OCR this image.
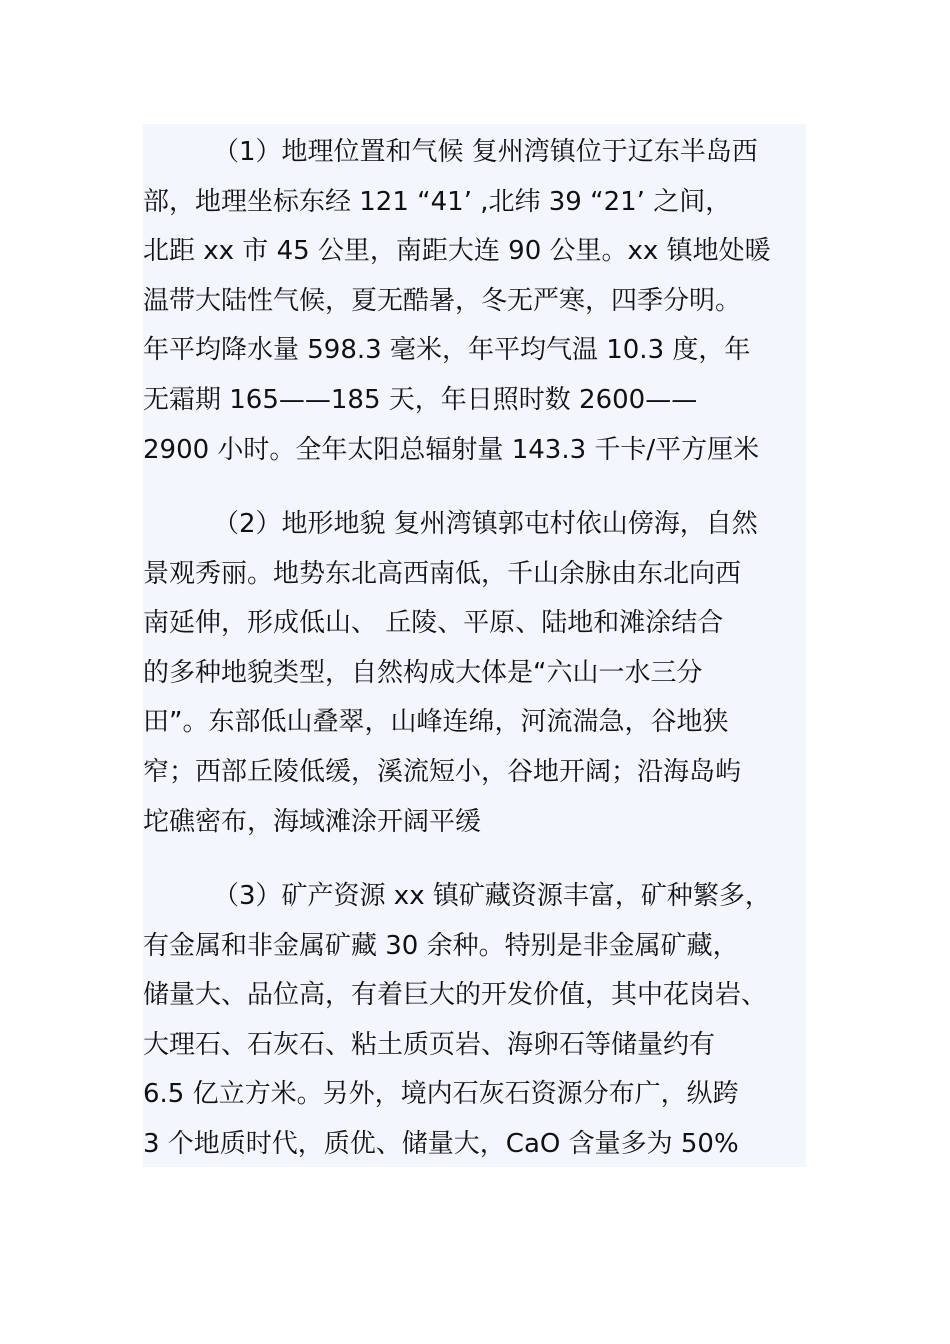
（1）地理位置和气候 复州湾镇位于辽东半岛西
部，地理坐标东经 121 “41’ ,北纬 39 “21’ 之间，
北距 xx 市 45 公里，南距大连 90 公里。xx 镇地处暖
温带大陆性气候，夏无酷暑，冬无严寒，四季分明。
年平均降水量 598.3 毫米，年平均气温 10.3 度，年
无霜期 165——185 天，年日照时数 2600——
2900 小时。全年太阳总辐射量 143.3 千卡/平方厘米
（2）地形地貌 复州湾镇郭屯村依山傍海，自然
景观秀丽。地势东北高西南低，千山余脉由东北向西
南延伸，形成低山、 丘陵、平原、陆地和滩涂结合
的多种地貌类型，自然构成大体是“六山一水三分
田”。东部低山叠翠，山峰连绵，河流湍急，谷地狭
窄；西部丘陵低缓，溪流短小，谷地开阔；沿海岛屿
坨礁密布，海域滩涂开阔平缓
（3）矿产资源 xx 镇矿藏资源丰富，矿种繁多，
有金属和非金属矿藏 30 余种。特别是非金属矿藏，
储量大、品位高，有着巨大的开发价值，其中花岗岩、
大理石、石灰石、粘土质页岩、海卵石等储量约有
6.5 亿立方米。另外，境内石灰石资源分布广，纵跨
3 个地质时代，质优、储量大，CaO 含量多为 50%
